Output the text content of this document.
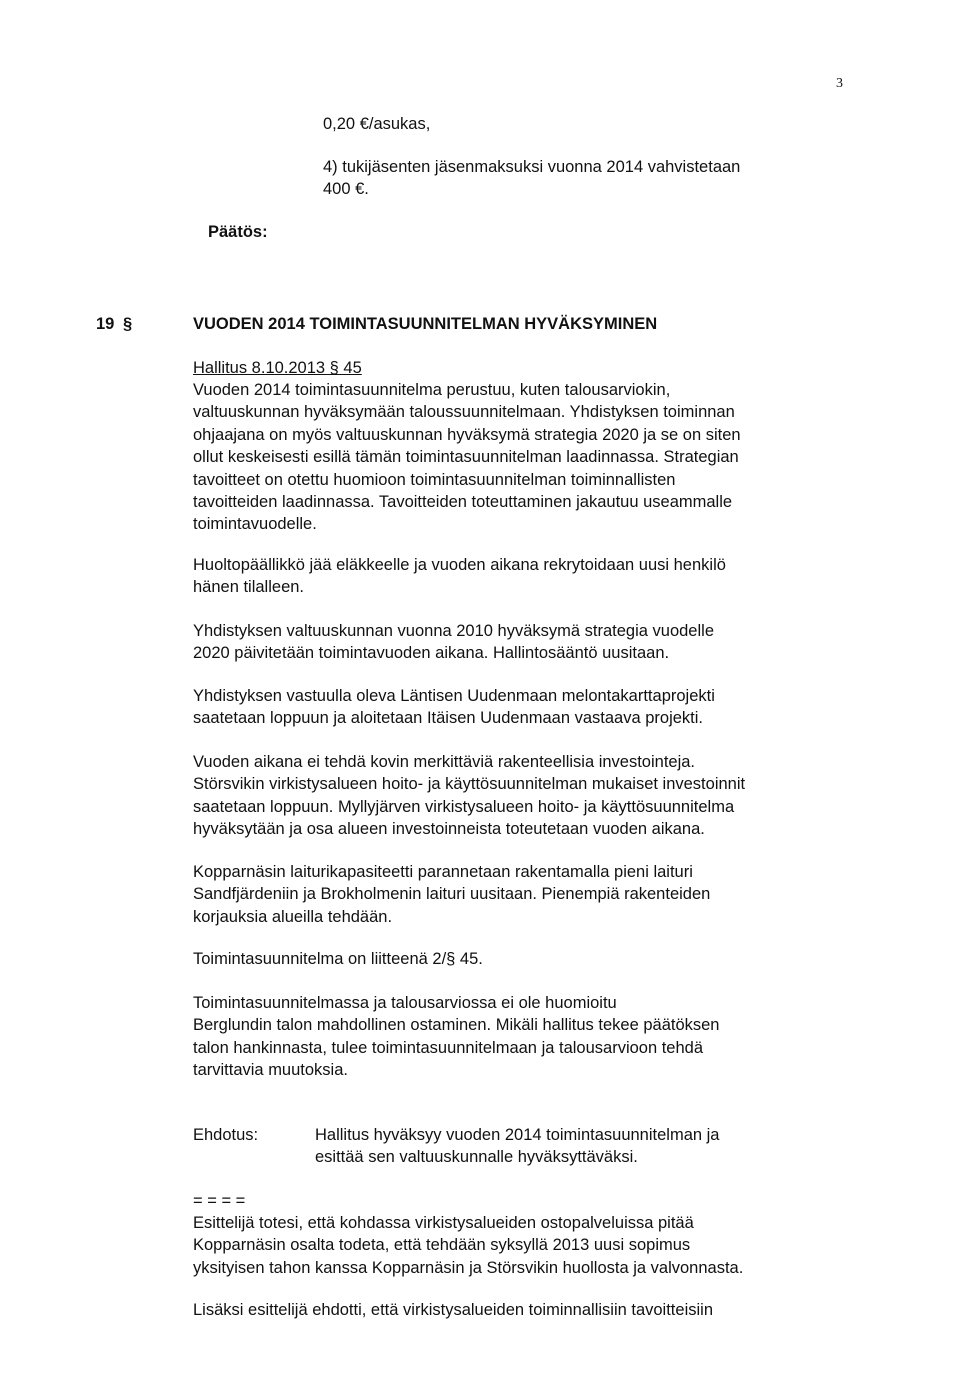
3

0,20 €/asukas,

4) tukijäsenten jäsenmaksuksi vuonna 2014 vahvistetaan

400 €.

Päätös:

19 §	VUODEN 2014 TOIMINTASUUNNITELMAN HYVÄKSYMINEN

Hallitus 8.10.2013 § 45

Vuoden 2014 toimintasuunnitelma perustuu, kuten talousarviokin,

valtuuskunnan hyväksymään taloussuunnitelmaan. Yhdistyksen toiminnan

ohjaajana on myös valtuuskunnan hyväksymä strategia 2020 ja se on siten

ollut keskeisesti esillä tämän toimintasuunnitelman laadinnassa. Strategian

tavoitteet on otettu huomioon toimintasuunnitelman toiminnallisten

tavoitteiden laadinnassa. Tavoitteiden toteuttaminen jakautuu useammalle

toimintavuodelle.

Huoltopäällikkö jää eläkkeelle ja vuoden aikana rekrytoidaan uusi henkilö

hänen tilalleen.

Yhdistyksen valtuuskunnan vuonna 2010 hyväksymä strategia vuodelle

2020 päivitetään toimintavuoden aikana. Hallintosääntö uusitaan.

Yhdistyksen vastuulla oleva Läntisen Uudenmaan melontakarttaprojekti

saatetaan loppuun ja aloitetaan Itäisen Uudenmaan vastaava projekti.

Vuoden aikana ei tehdä kovin merkittäviä rakenteellisia investointeja.

Störsvikin virkistysalueen hoito- ja käyttösuunnitelman mukaiset investoinnit

saatetaan loppuun. Myllyjärven virkistysalueen hoito- ja käyttösuunnitelma

hyväksytään ja osa alueen investoinneista toteutetaan vuoden aikana.

Kopparnäsin laiturikapasiteetti parannetaan rakentamalla pieni laituri

Sandfjärdeniin ja Brokholmenin laituri uusitaan. Pienempiä rakenteiden

korjauksia alueilla tehdään.

Toimintasuunnitelma on liitteenä 2/§ 45.

Toimintasuunnitelmassa ja talousarviossa ei ole huomioitu

Berglundin talon mahdollinen ostaminen. Mikäli hallitus tekee päätöksen

talon hankinnasta, tulee toimintasuunnitelmaan ja talousarvioon tehdä

tarvittavia muutoksia.

Ehdotus:	Hallitus hyväksyy vuoden 2014 toimintasuunnitelman ja

esittää sen valtuuskunnalle hyväksyttäväksi.

= = = =

Esittelijä totesi, että kohdassa virkistysalueiden ostopalveluissa pitää

Kopparnäsin osalta todeta, että tehdään syksyllä 2013 uusi sopimus

yksityisen tahon kanssa Kopparnäsin ja Störsvikin huollosta ja valvonnasta.

Lisäksi esittelijä ehdotti, että virkistysalueiden toiminnallisiin tavoitteisiin
